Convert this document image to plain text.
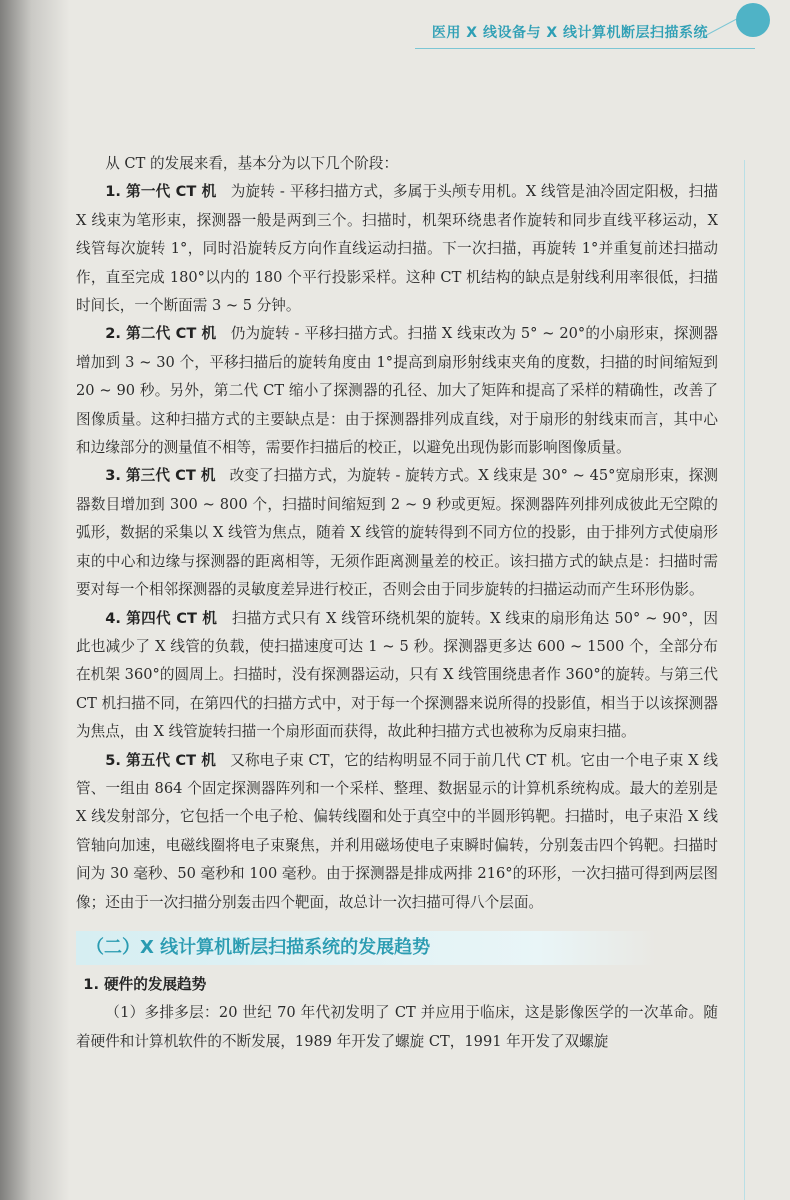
医用 X 线设备与 X 线计算机断层扫描系统

从 CT 的发展来看，基本分为以下几个阶段：

1. 第一代 CT 机 为旋转 - 平移扫描方式，多属于头颅专用机。X 线管是油冷固定阳极，扫描 X 线束为笔形束，探测器一般是两到三个。扫描时，机架环绕患者作旋转和同步直线平移运动，X 线管每次旋转 1°，同时沿旋转反方向作直线运动扫描。下一次扫描，再旋转 1°并重复前述扫描动作，直至完成 180°以内的 180 个平行投影采样。这种 CT 机结构的缺点是射线利用率很低，扫描时间长，一个断面需 3 ~ 5 分钟。

2. 第二代 CT 机 仍为旋转 - 平移扫描方式。扫描 X 线束改为 5° ~ 20°的小扇形束，探测器增加到 3 ~ 30 个，平移扫描后的旋转角度由 1°提高到扇形射线束夹角的度数，扫描的时间缩短到 20 ~ 90 秒。另外，第二代 CT 缩小了探测器的孔径、加大了矩阵和提高了采样的精确性，改善了图像质量。这种扫描方式的主要缺点是：由于探测器排列成直线，对于扇形的射线束而言，其中心和边缘部分的测量值不相等，需要作扫描后的校正，以避免出现伪影而影响图像质量。

3. 第三代 CT 机 改变了扫描方式，为旋转 - 旋转方式。X 线束是 30° ~ 45°宽扇形束，探测器数目增加到 300 ~ 800 个，扫描时间缩短到 2 ~ 9 秒或更短。探测器阵列排列成彼此无空隙的弧形，数据的采集以 X 线管为焦点，随着 X 线管的旋转得到不同方位的投影，由于排列方式使扇形束的中心和边缘与探测器的距离相等，无须作距离测量差的校正。该扫描方式的缺点是：扫描时需要对每一个相邻探测器的灵敏度差异进行校正，否则会由于同步旋转的扫描运动而产生环形伪影。

4. 第四代 CT 机 扫描方式只有 X 线管环绕机架的旋转。X 线束的扇形角达 50° ~ 90°，因此也减少了 X 线管的负载，使扫描速度可达 1 ~ 5 秒。探测器更多达 600 ~ 1500 个，全部分布在机架 360°的圆周上。扫描时，没有探测器运动，只有 X 线管围绕患者作 360°的旋转。与第三代 CT 机扫描不同，在第四代的扫描方式中，对于每一个探测器来说所得的投影值，相当于以该探测器为焦点，由 X 线管旋转扫描一个扇形面而获得，故此种扫描方式也被称为反扇束扫描。

5. 第五代 CT 机 又称电子束 CT，它的结构明显不同于前几代 CT 机。它由一个电子束 X 线管、一组由 864 个固定探测器阵列和一个采样、整理、数据显示的计算机系统构成。最大的差别是 X 线发射部分，它包括一个电子枪、偏转线圈和处于真空中的半圆形钨靶。扫描时，电子束沿 X 线管轴向加速，电磁线圈将电子束聚焦，并利用磁场使电子束瞬时偏转，分别轰击四个钨靶。扫描时间为 30 毫秒、50 毫秒和 100 毫秒。由于探测器是排成两排 216°的环形，一次扫描可得到两层图像；还由于一次扫描分别轰击四个靶面，故总计一次扫描可得八个层面。

（二）X 线计算机断层扫描系统的发展趋势
1. 硬件的发展趋势

（1）多排多层：20 世纪 70 年代初发明了 CT 并应用于临床，这是影像医学的一次革命。随着硬件和计算机软件的不断发展，1989 年开发了螺旋 CT，1991 年开发了双螺旋
